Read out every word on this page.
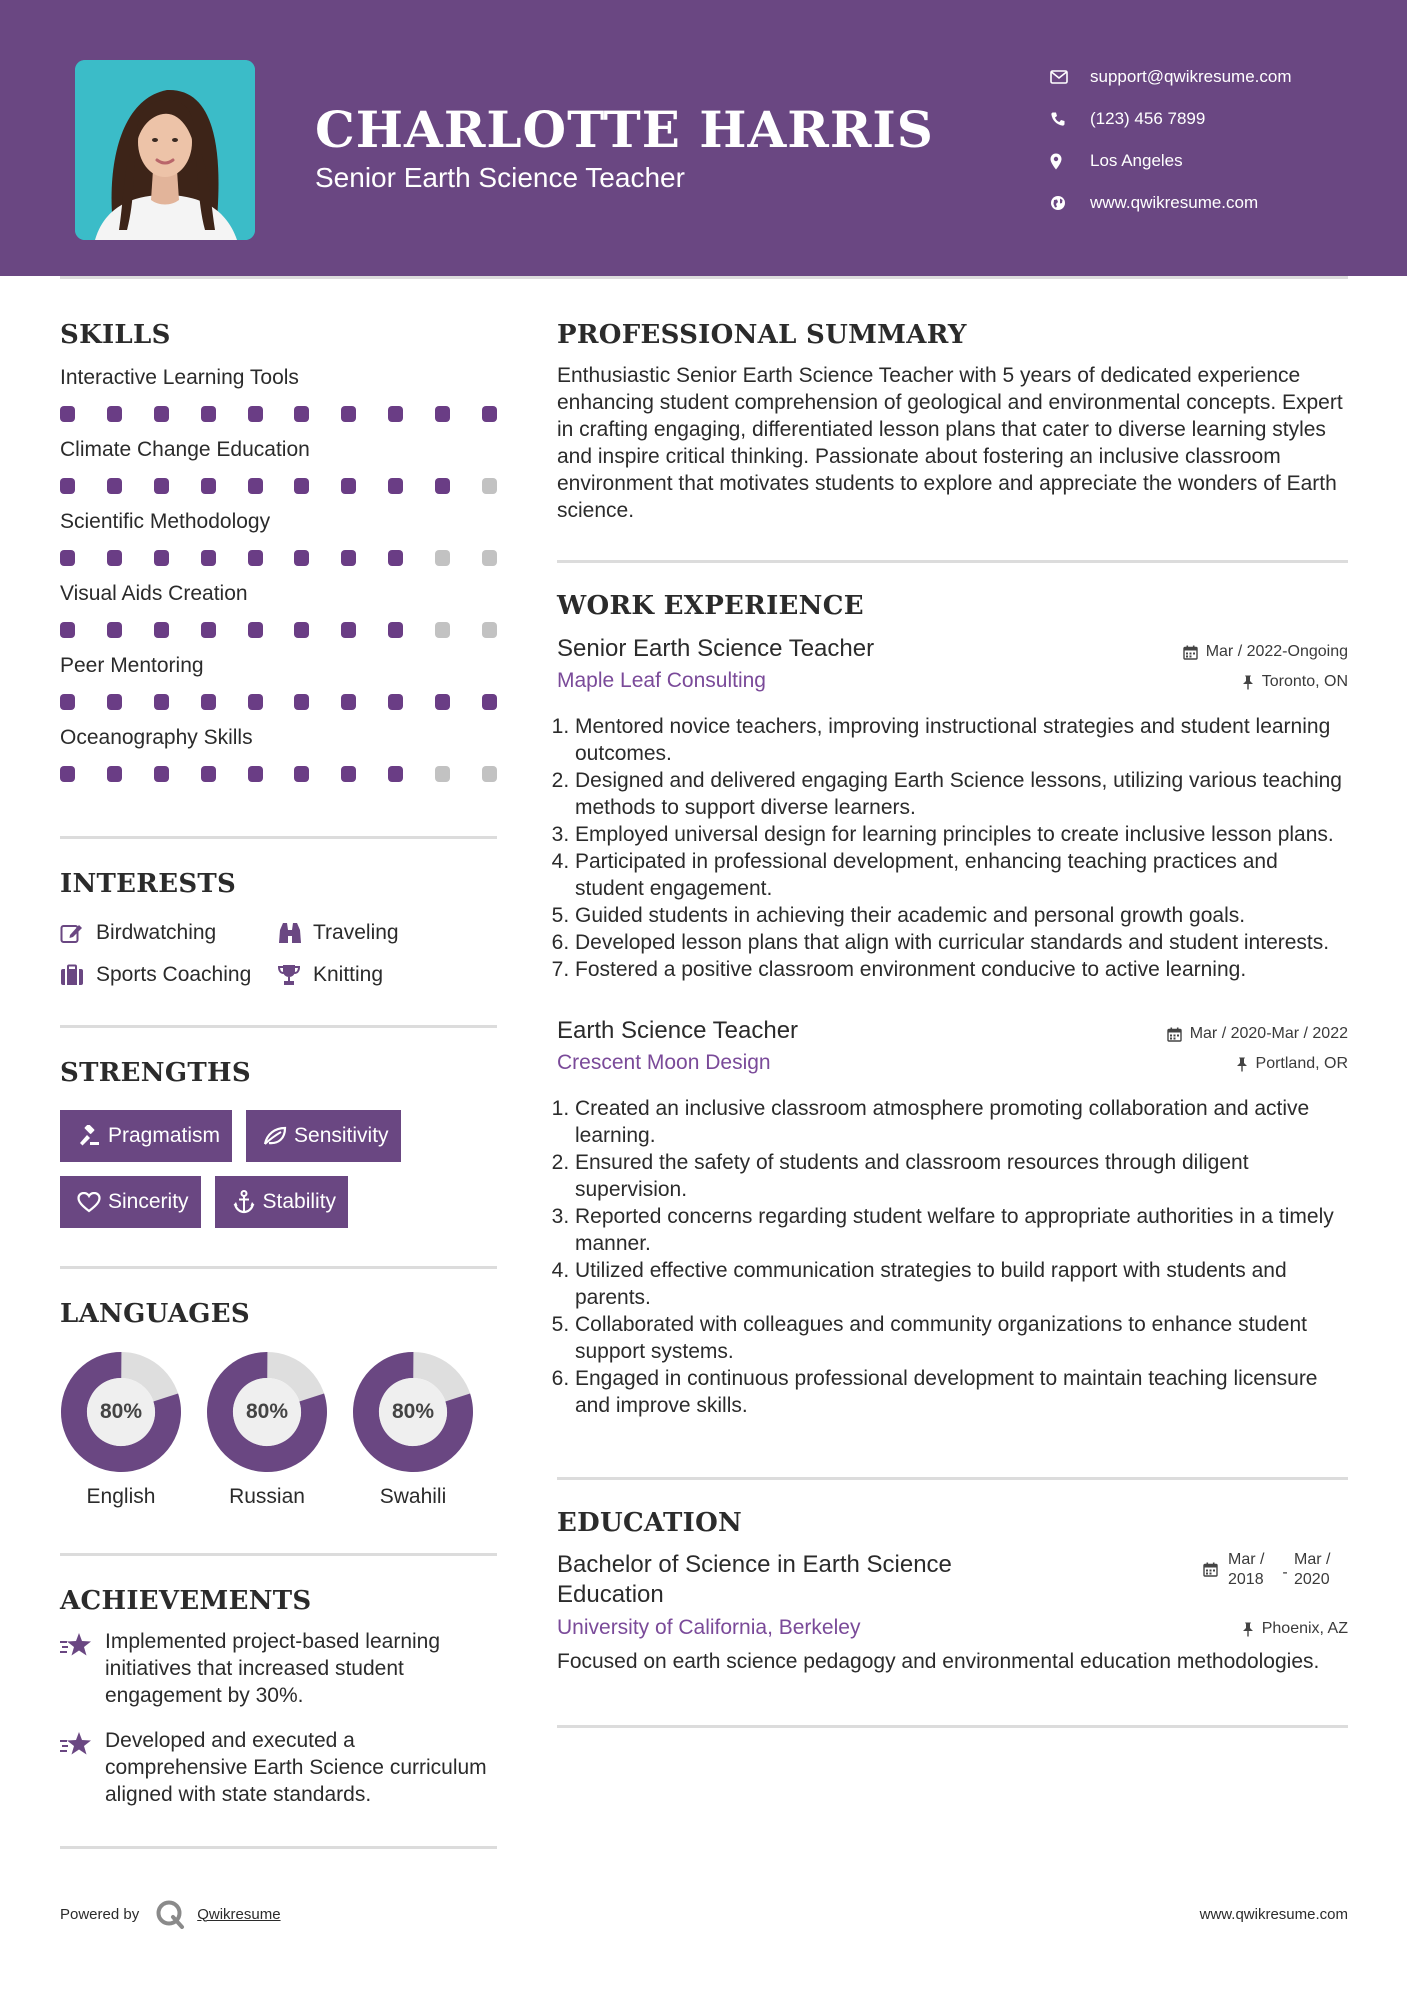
CHARLOTTE HARRIS
Senior Earth Science Teacher
support@qwikresume.com
(123) 456 7899
Los Angeles
www.qwikresume.com
SKILLS
Interactive Learning Tools
Climate Change Education
Scientific Methodology
Visual Aids Creation
Peer Mentoring
Oceanography Skills
INTERESTS
Birdwatching	Traveling
Sports Coaching	Knitting
STRENGTHS
Pragmatism	Sensitivity
Sincerity	Stability
LANGUAGES
80%
English
80%
Russian
80%
Swahili
ACHIEVEMENTS
Implemented project-based learning initiatives that increased student engagement by 30%.
Developed and executed a comprehensive Earth Science curriculum aligned with state standards.
PROFESSIONAL SUMMARY
Enthusiastic Senior Earth Science Teacher with 5 years of dedicated experience enhancing student comprehension of geological and environmental concepts. Expert in crafting engaging, differentiated lesson plans that cater to diverse learning styles and inspire critical thinking. Passionate about fostering an inclusive classroom environment that motivates students to explore and appreciate the wonders of Earth science.
WORK EXPERIENCE
Senior Earth Science Teacher	Mar / 2022-Ongoing
Maple Leaf Consulting	Toronto, ON
1. Mentored novice teachers, improving instructional strategies and student learning outcomes.
2. Designed and delivered engaging Earth Science lessons, utilizing various teaching methods to support diverse learners.
3. Employed universal design for learning principles to create inclusive lesson plans.
4. Participated in professional development, enhancing teaching practices and student engagement.
5. Guided students in achieving their academic and personal growth goals.
6. Developed lesson plans that align with curricular standards and student interests.
7. Fostered a positive classroom environment conducive to active learning.
Earth Science Teacher	Mar / 2020-Mar / 2022
Crescent Moon Design	Portland, OR
1. Created an inclusive classroom atmosphere promoting collaboration and active learning.
2. Ensured the safety of students and classroom resources through diligent supervision.
3. Reported concerns regarding student welfare to appropriate authorities in a timely manner.
4. Utilized effective communication strategies to build rapport with students and parents.
5. Collaborated with colleagues and community organizations to enhance student support systems.
6. Engaged in continuous professional development to maintain teaching licensure and improve skills.
EDUCATION
Bachelor of Science in Earth Science Education
Mar / 2018	-
Mar / 2020
University of California, Berkeley	Phoenix, AZ
Focused on earth science pedagogy and environmental education methodologies.
Powered by	Qwikresume	www.qwikresume.com
